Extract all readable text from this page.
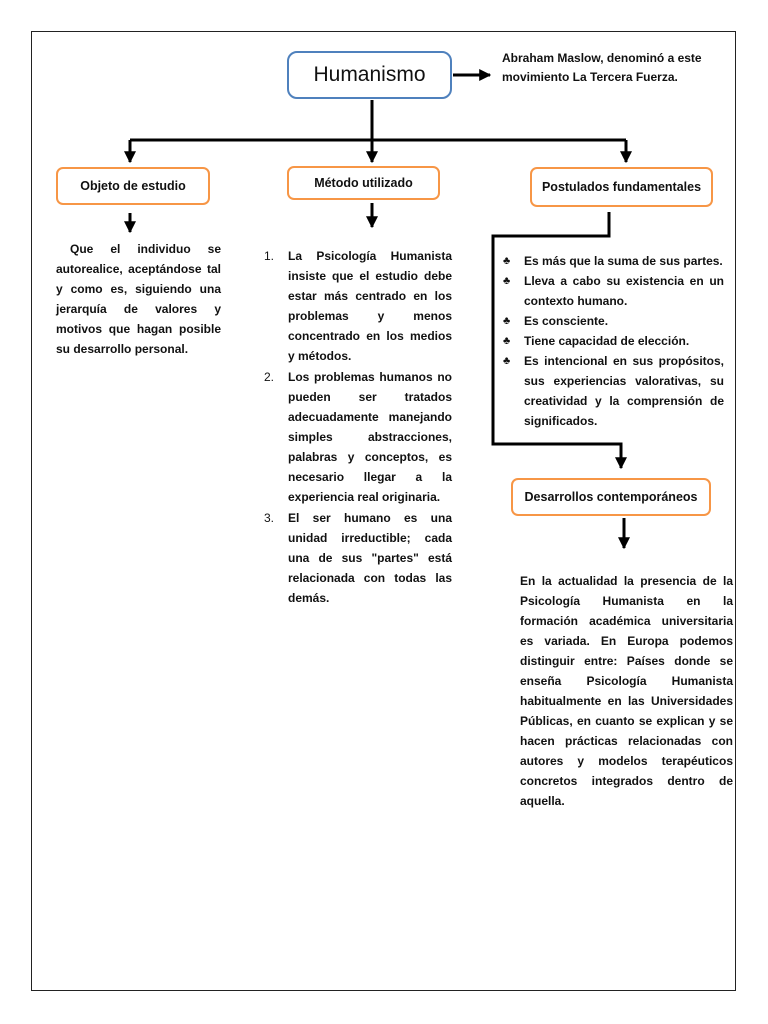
Humanismo
Abraham Maslow, denominó a este movimiento La Tercera Fuerza.
Objeto de estudio	Método utilizado	Postulados fundamentales
Que el individuo se autorealice, aceptándose tal y como es, siguiendo una jerarquía de valores y motivos que hagan posible su desarrollo personal.
1. La Psicología Humanista insiste que el estudio debe estar más centrado en los problemas y menos concentrado en los medios y métodos.
2. Los problemas humanos no pueden ser tratados adecuadamente manejando simples abstracciones, palabras y conceptos, es necesario llegar a la experiencia real originaria.
3. El ser humano es una unidad irreductible; cada una de sus "partes" está relacionada con todas las demás.
♣ Es más que la suma de sus partes.
♣ Lleva a cabo su existencia en un contexto humano.
♣ Es consciente.
♣ Tiene capacidad de elección.
♣ Es intencional en sus propósitos, sus experiencias valorativas, su creatividad y la comprensión de significados.
Desarrollos contemporáneos
En la actualidad la presencia de la Psicología Humanista en la formación académica universitaria es variada. En Europa podemos distinguir entre: Países donde se enseña Psicología Humanista habitualmente en las Universidades Públicas, en cuanto se explican y se hacen prácticas relacionadas con autores y modelos terapéuticos concretos integrados dentro de aquella.
